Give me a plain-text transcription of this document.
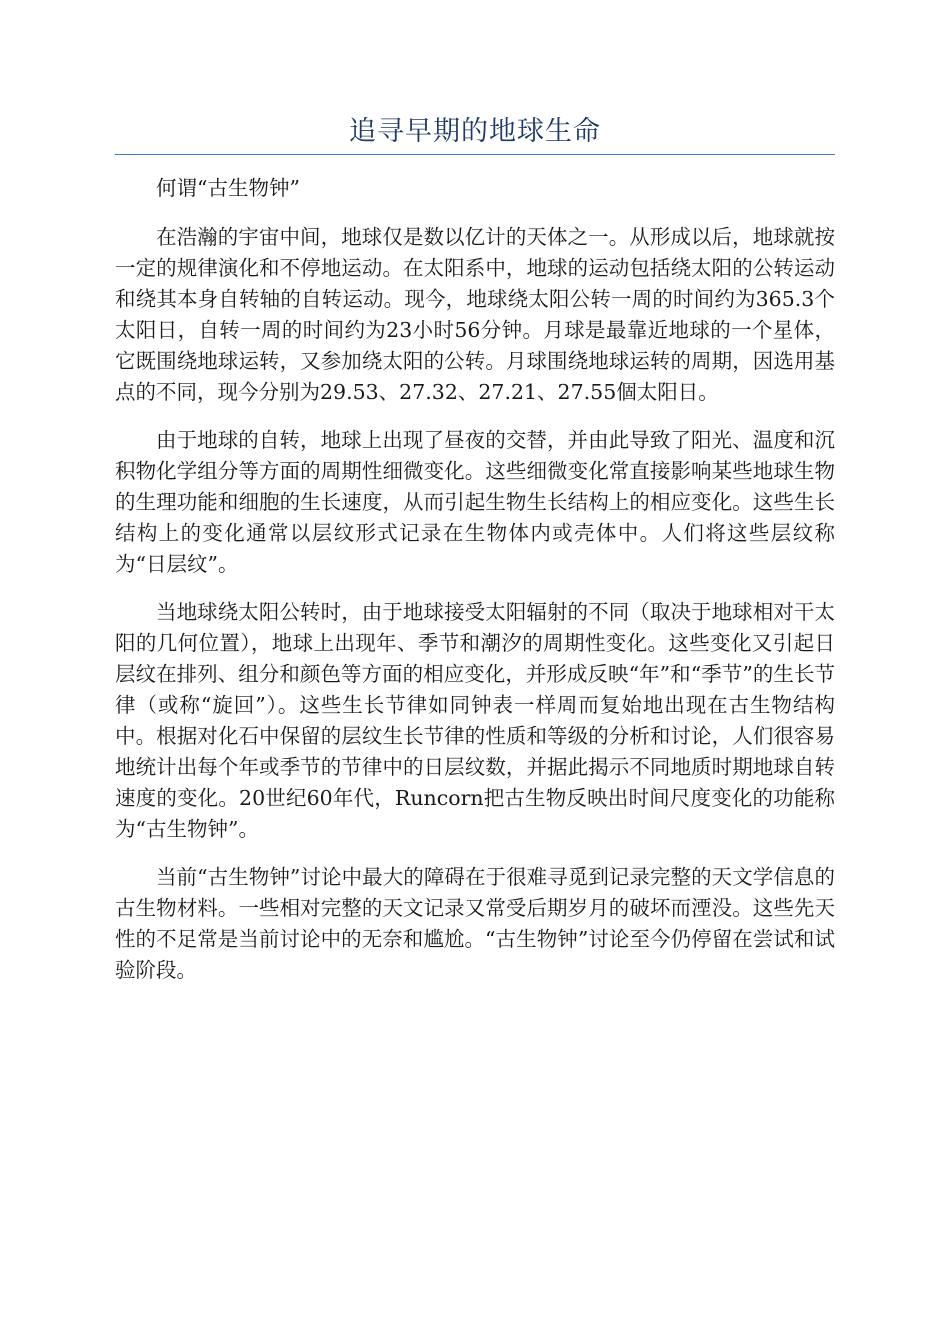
追寻早期的地球生命

何谓“古生物钟”

在浩瀚的宇宙中间，地球仅是数以亿计的天体之一。从形成以后，地球就按一定的规律演化和不停地运动。在太阳系中，地球的运动包括绕太阳的公转运动和绕其本身自转轴的自转运动。现今，地球绕太阳公转一周的时间约为365.3个太阳日，自转一周的时间约为23小时56分钟。月球是最靠近地球的一个星体，它既围绕地球运转，又参加绕太阳的公转。月球围绕地球运转的周期，因选用基点的不同，现今分别为29.53、27.32、27.21、27.55個太阳日。

由于地球的自转，地球上出现了昼夜的交替，并由此导致了阳光、温度和沉积物化学组分等方面的周期性细微变化。这些细微变化常直接影响某些地球生物的生理功能和细胞的生长速度，从而引起生物生长结构上的相应变化。这些生长结构上的变化通常以层纹形式记录在生物体内或壳体中。人们将这些层纹称为“日层纹”。

当地球绕太阳公转时，由于地球接受太阳辐射的不同（取决于地球相对干太阳的几何位置），地球上出现年、季节和潮汐的周期性变化。这些变化又引起日层纹在排列、组分和颜色等方面的相应变化，并形成反映“年”和“季节”的生长节律（或称“旋回”）。这些生长节律如同钟表一样周而复始地出现在古生物结构中。根据对化石中保留的层纹生长节律的性质和等级的分析和讨论，人们很容易地统计出每个年或季节的节律中的日层纹数，并据此揭示不同地质时期地球自转速度的变化。20世纪60年代，Runcorn把古生物反映出时间尺度变化的功能称为“古生物钟”。

当前“古生物钟”讨论中最大的障碍在于很难寻觅到记录完整的天文学信息的古生物材料。一些相对完整的天文记录又常受后期岁月的破坏而湮没。这些先天性的不足常是当前讨论中的无奈和尴尬。“古生物钟”讨论至今仍停留在尝试和试验阶段。
